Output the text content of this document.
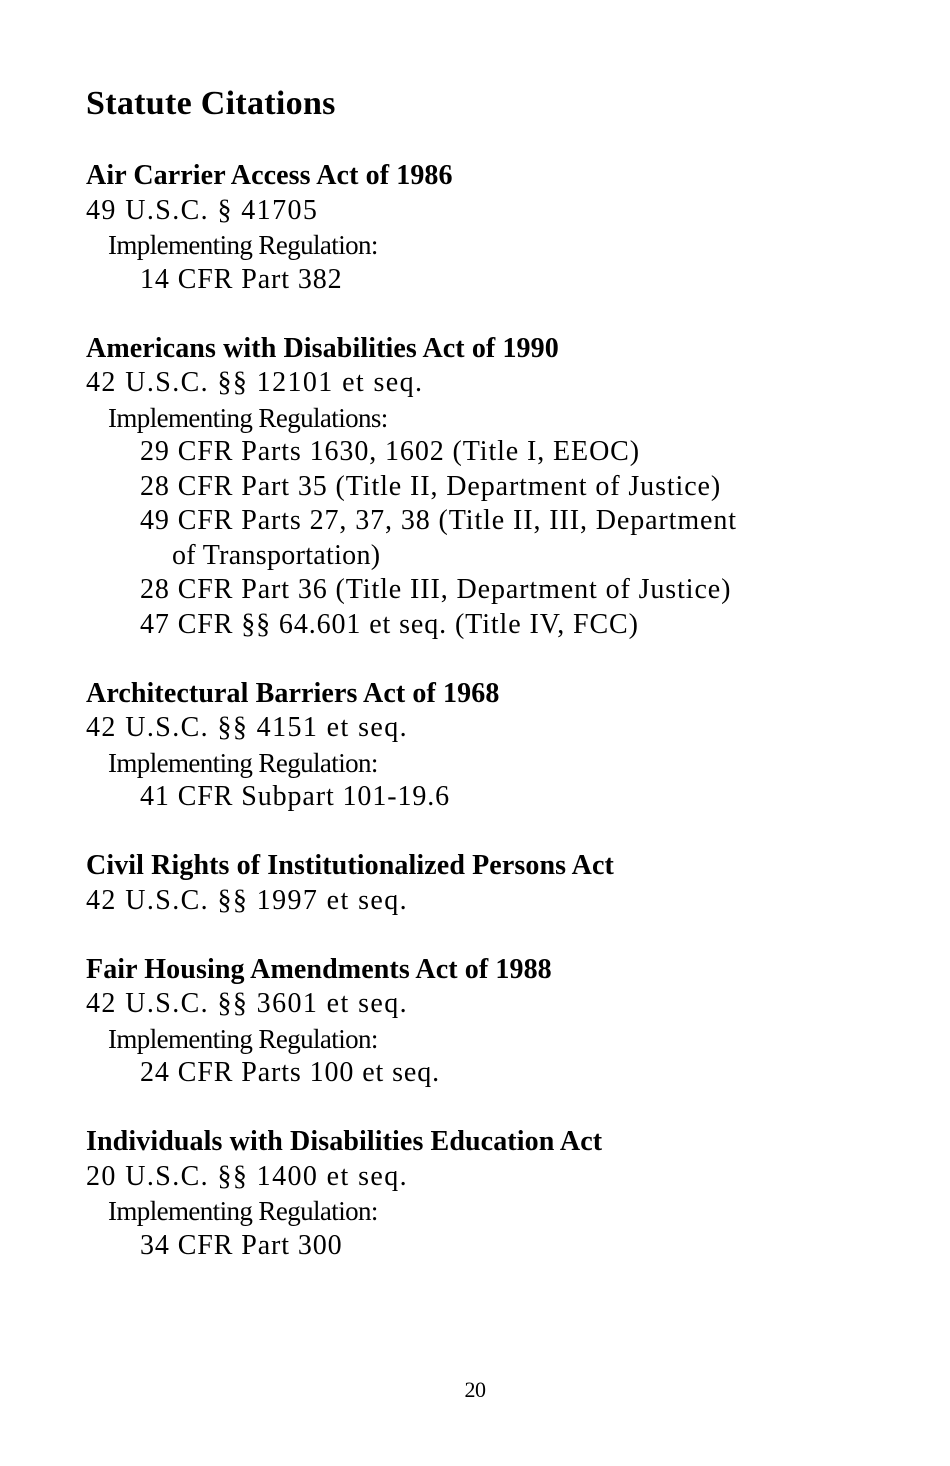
Statute Citations
Air Carrier Access Act of 1986
49 U.S.C. § 41705
Implementing Regulation:
14 CFR Part 382
Americans with Disabilities Act of 1990
42 U.S.C. §§ 12101 et seq.
Implementing Regulations:
29 CFR Parts 1630, 1602 (Title I, EEOC)
28 CFR Part 35 (Title II, Department of Justice)
49 CFR Parts 27, 37, 38 (Title II, III, Department
of Transportation)
28 CFR Part 36 (Title III, Department of Justice)
47 CFR §§ 64.601 et seq. (Title IV, FCC)
Architectural Barriers Act of 1968
42 U.S.C. §§ 4151 et seq.
Implementing Regulation:
41 CFR Subpart 101-19.6
Civil Rights of Institutionalized Persons Act
42 U.S.C. §§ 1997 et seq.
Fair Housing Amendments Act of 1988
42 U.S.C. §§ 3601 et seq.
Implementing Regulation:
24 CFR Parts 100 et seq.
Individuals with Disabilities Education Act
20 U.S.C. §§ 1400 et seq.
Implementing Regulation:
34 CFR Part 300
20
